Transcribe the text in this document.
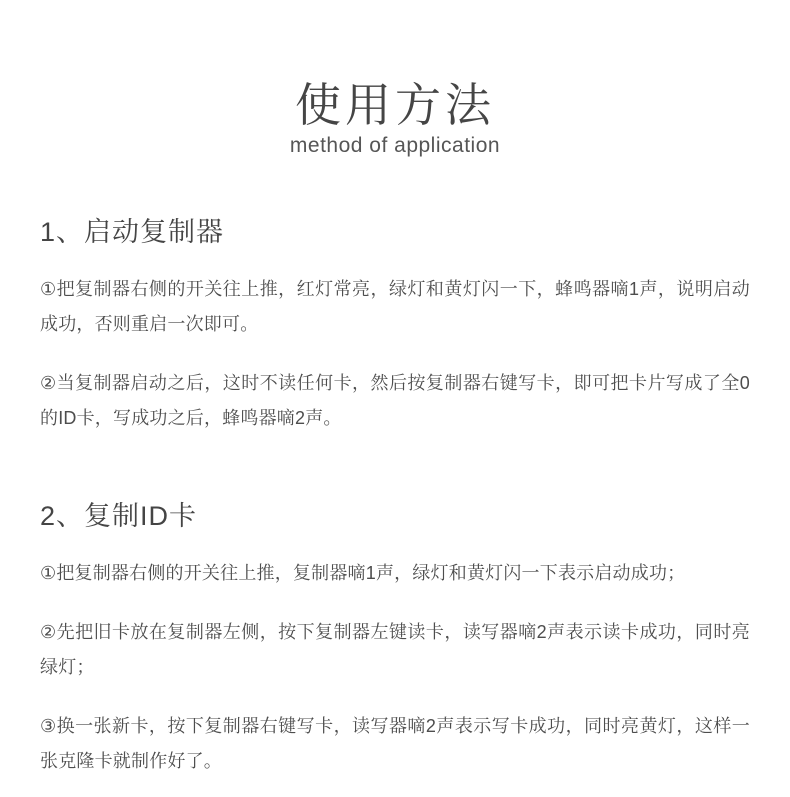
使用方法
method of application
1、启动复制器

①把复制器右侧的开关往上推，红灯常亮，绿灯和黄灯闪一下，蜂鸣器嘀1声，说明启动成功，否则重启一次即可。

②当复制器启动之后，这时不读任何卡，然后按复制器右键写卡，即可把卡片写成了全0的ID卡，写成功之后，蜂鸣器嘀2声。

2、复制ID卡

①把复制器右侧的开关往上推，复制器嘀1声，绿灯和黄灯闪一下表示启动成功；

②先把旧卡放在复制器左侧，按下复制器左键读卡，读写器嘀2声表示读卡成功，同时亮绿灯；

③换一张新卡，按下复制器右键写卡，读写器嘀2声表示写卡成功，同时亮黄灯，这样一张克隆卡就制作好了。
